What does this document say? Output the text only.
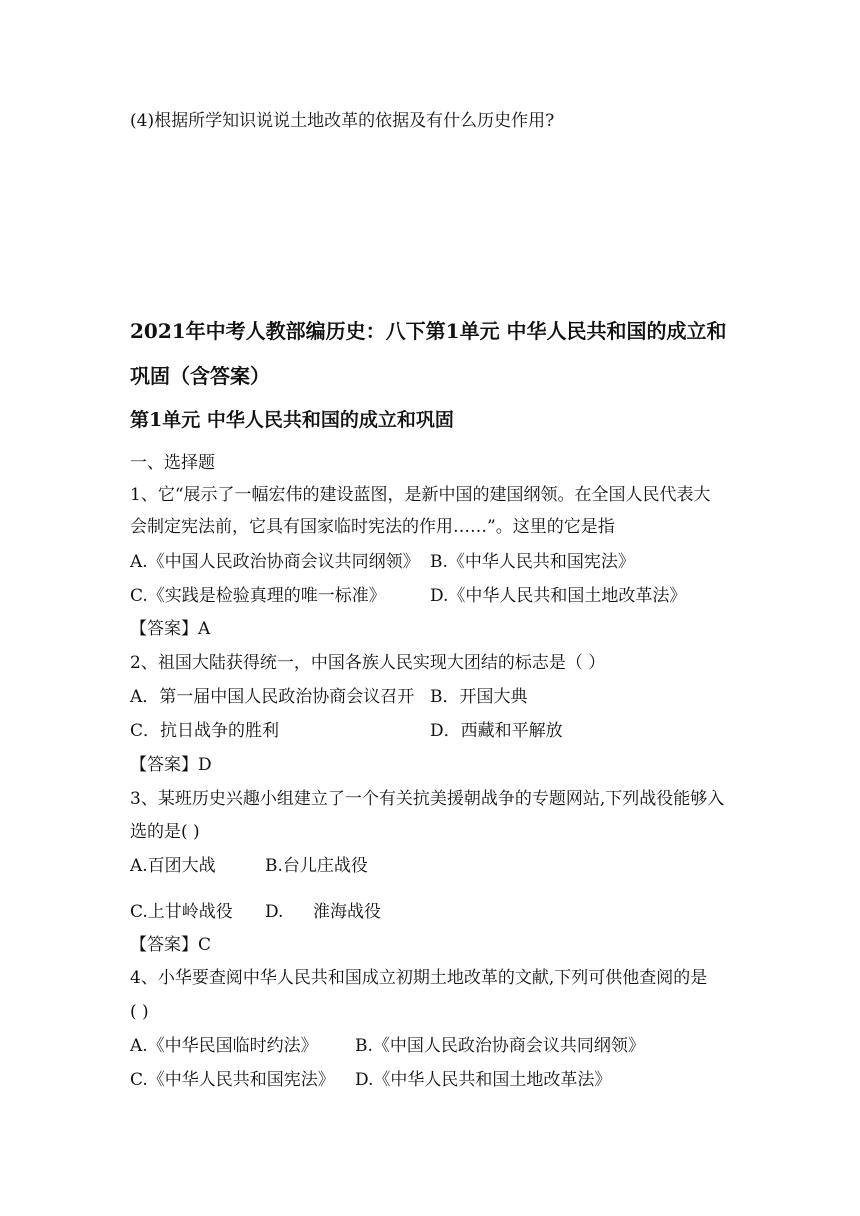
(4)根据所学知识说说土地改革的依据及有什么历史作用?
2021年中考人教部编历史：八下第1单元 中华人民共和国的成立和
巩固（含答案）
第1单元 中华人民共和国的成立和巩固
一、选择题
1、它“展示了一幅宏伟的建设蓝图，是新中国的建国纲领。在全国人民代表大
会制定宪法前，它具有国家临时宪法的作用……”。这里的它是指
A.《中国人民政治协商会议共同纲领》 B.《中华人民共和国宪法》
C.《实践是检验真理的唯一标准》	D.《中华人民共和国土地改革法》
【答案】A
2、祖国大陆获得统一，中国各族人民实现大团结的标志是（ ）
A．第一届中国人民政治协商会议召开 B．开国大典
C．抗日战争的胜利	D．西藏和平解放
【答案】D
3、某班历史兴趣小组建立了一个有关抗美援朝战争的专题网站,下列战役能够入
选的是( )
A.百团大战	B.台儿庄战役
C.上甘岭战役 D. 淮海战役
【答案】C
4、小华要查阅中华人民共和国成立初期土地改革的文献,下列可供他查阅的是
( )
A.《中华民国临时约法》 B.《中国人民政治协商会议共同纲领》
C.《中华人民共和国宪法》 D.《中华人民共和国土地改革法》
